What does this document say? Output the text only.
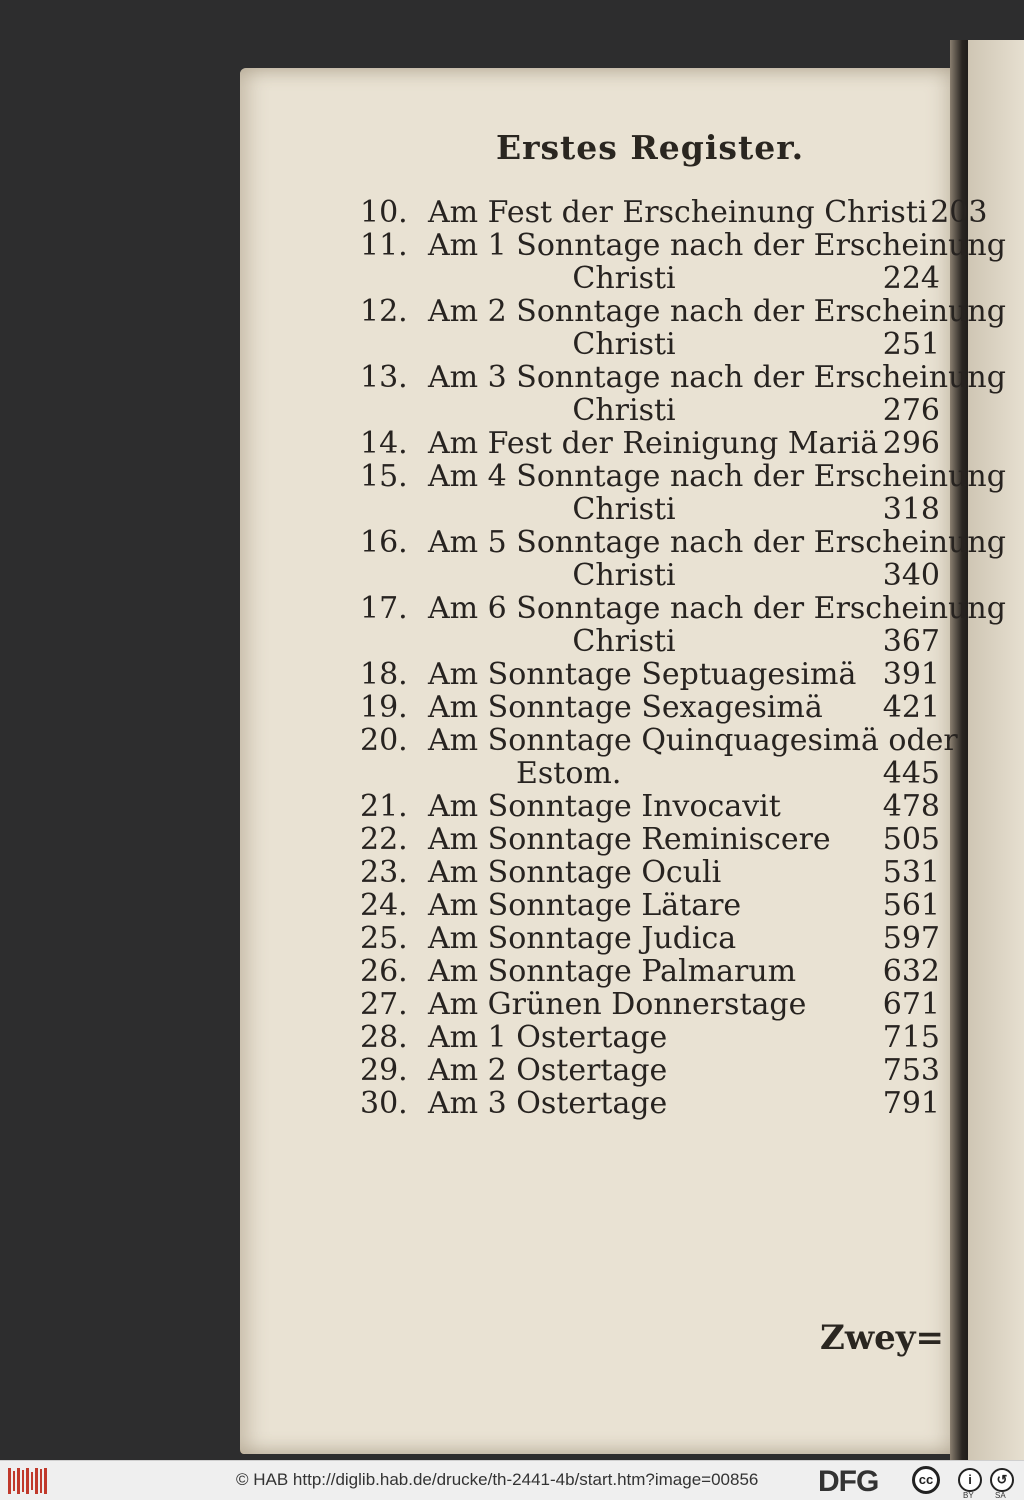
Erstes Register.
10. Am Fest der Erscheinung Christi 203
11. Am 1 Sonntage nach der Erscheinung
Christi	224
12. Am 2 Sonntage nach der Erscheinung
Christi	251
13. Am 3 Sonntage nach der Erscheinung
Christi	276
14. Am Fest der Reinigung Mariä 296
15. Am 4 Sonntage nach der Erscheinung
Christi	318
16. Am 5 Sonntage nach der Erscheinung
Christi	340
17. Am 6 Sonntage nach der Erscheinung
Christi	367
18. Am Sonntage Septuagesimä 391
19. Am Sonntage Sexagesimä	421
20. Am Sonntage Quinquagesimä oder
Estom.	445
21. Am Sonntage Invocavit	478
22. Am Sonntage Reminiscere	505
23. Am Sonntage Oculi	531
24. Am Sonntage Lätare	561
25. Am Sonntage Judica	597
26. Am Sonntage Palmarum	632
27. Am Grünen Donnerstage	671
28. Am 1 Ostertage	715
29. Am 2 Ostertage	753
30. Am 3 Ostertage	791
Zwey=
© HAB http://diglib.hab.de/drucke/th-2441-4b/start.htm?image=00856 DFG	cc	i	↺
BY	SA
